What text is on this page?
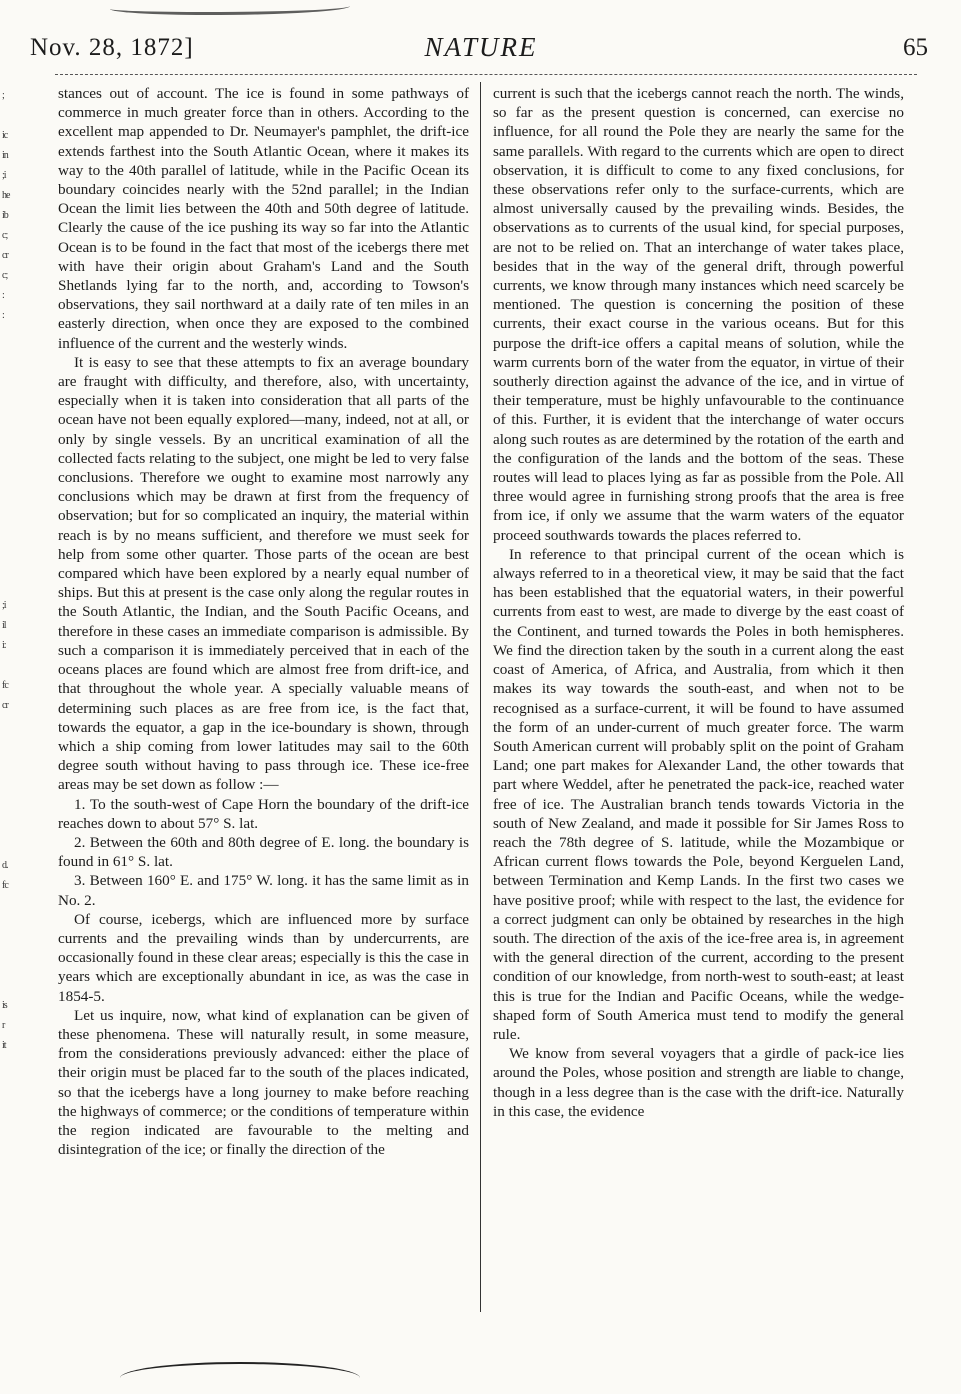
Nov. 28, 1872]	NATURE	65
;
ic
in
;i
he
ib
c;
cr
c;
:
:
;i
il
i:
fc
cr
d.
fc
is
r
it

stances out of account. The ice is found in some pathways of commerce in much greater force than in others. According to the excellent map appended to Dr. Neumayer's pamphlet, the drift-ice extends farthest into the South Atlantic Ocean, where it makes its way to the 40th parallel of latitude, while in the Pacific Ocean its boundary coincides nearly with the 52nd parallel; in the Indian Ocean the limit lies between the 40th and 50th degree of latitude. Clearly the cause of the ice pushing its way so far into the Atlantic Ocean is to be found in the fact that most of the icebergs there met with have their origin about Graham's Land and the South Shetlands lying far to the north, and, according to Towson's observations, they sail northward at a daily rate of ten miles in an easterly direction, when once they are exposed to the combined influence of the current and the westerly winds.

It is easy to see that these attempts to fix an average boundary are fraught with difficulty, and therefore, also, with uncertainty, especially when it is taken into consideration that all parts of the ocean have not been equally explored—many, indeed, not at all, or only by single vessels. By an uncritical examination of all the collected facts relating to the subject, one might be led to very false conclusions. Therefore we ought to examine most narrowly any conclusions which may be drawn at first from the frequency of observation; but for so complicated an inquiry, the material within reach is by no means sufficient, and therefore we must seek for help from some other quarter. Those parts of the ocean are best compared which have been explored by a nearly equal number of ships. But this at present is the case only along the regular routes in the South Atlantic, the Indian, and the South Pacific Oceans, and therefore in these cases an immediate comparison is admissible. By such a comparison it is immediately perceived that in each of the oceans places are found which are almost free from drift-ice, and that throughout the whole year. A specially valuable means of determining such places as are free from ice, is the fact that, towards the equator, a gap in the ice-boundary is shown, through which a ship coming from lower latitudes may sail to the 60th degree south without having to pass through ice. These ice-free areas may be set down as follow :—

1. To the south-west of Cape Horn the boundary of the drift-ice reaches down to about 57° S. lat.

2. Between the 60th and 80th degree of E. long. the boundary is found in 61° S. lat.

3. Between 160° E. and 175° W. long. it has the same limit as in No. 2.

Of course, icebergs, which are influenced more by surface currents and the prevailing winds than by undercurrents, are occasionally found in these clear areas; especially is this the case in years which are exceptionally abundant in ice, as was the case in 1854-5.

Let us inquire, now, what kind of explanation can be given of these phenomena. These will naturally result, in some measure, from the considerations previously advanced: either the place of their origin must be placed far to the south of the places indicated, so that the icebergs have a long journey to make before reaching the highways of commerce; or the conditions of temperature within the region indicated are favourable to the melting and disintegration of the ice; or finally the direction of the

current is such that the icebergs cannot reach the north. The winds, so far as the present question is concerned, can exercise no influence, for all round the Pole they are nearly the same for the same parallels. With regard to the currents which are open to direct observation, it is difficult to come to any fixed conclusions, for these observations refer only to the surface-currents, which are almost universally caused by the prevailing winds. Besides, the observations as to currents of the usual kind, for special purposes, are not to be relied on. That an interchange of water takes place, besides that in the way of the general drift, through powerful currents, we know through many instances which need scarcely be mentioned. The question is concerning the position of these currents, their exact course in the various oceans. But for this purpose the drift-ice offers a capital means of solution, while the warm currents born of the water from the equator, in virtue of their southerly direction against the advance of the ice, and in virtue of their temperature, must be highly unfavourable to the continuance of this. Further, it is evident that the interchange of water occurs along such routes as are determined by the rotation of the earth and the configuration of the lands and the bottom of the seas. These routes will lead to places lying as far as possible from the Pole. All three would agree in furnishing strong proofs that the area is free from ice, if only we assume that the warm waters of the equator proceed southwards towards the places referred to.

In reference to that principal current of the ocean which is always referred to in a theoretical view, it may be said that the fact has been established that the equatorial waters, in their powerful currents from east to west, are made to diverge by the east coast of the Continent, and turned towards the Poles in both hemispheres. We find the direction taken by the south in a current along the east coast of America, of Africa, and Australia, from which it then makes its way towards the south-east, and when not to be recognised as a surface-current, it will be found to have assumed the form of an under-current of much greater force. The warm South American current will probably split on the point of Graham Land; one part makes for Alexander Land, the other towards that part where Weddel, after he penetrated the pack-ice, reached water free of ice. The Australian branch tends towards Victoria in the south of New Zealand, and made it possible for Sir James Ross to reach the 78th degree of S. latitude, while the Mozambique or African current flows towards the Pole, beyond Kerguelen Land, between Termination and Kemp Lands. In the first two cases we have positive proof; while with respect to the last, the evidence for a correct judgment can only be obtained by researches in the high south. The direction of the axis of the ice-free area is, in agreement with the general direction of the current, according to the present condition of our knowledge, from north-west to south-east; at least this is true for the Indian and Pacific Oceans, while the wedge-shaped form of South America must tend to modify the general rule.

We know from several voyagers that a girdle of pack-ice lies around the Poles, whose position and strength are liable to change, though in a less degree than is the case with the drift-ice. Naturally in this case, the evidence
